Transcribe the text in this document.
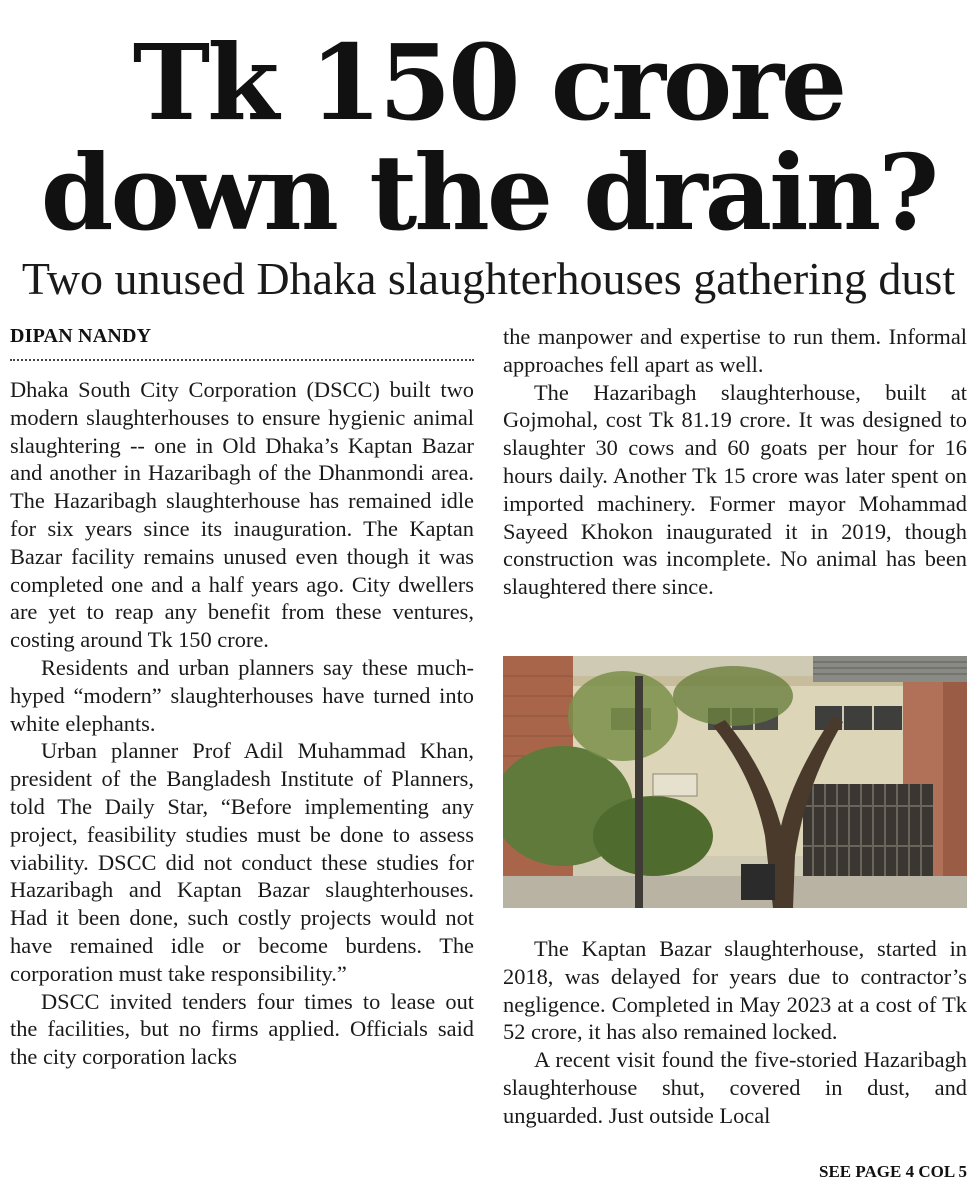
Tk 150 crore
down the drain?
Two unused Dhaka slaughterhouses gathering dust
DIPAN NANDY

Dhaka South City Corporation (DSCC) built two modern slaughterhouses to ensure hygienic animal slaughtering -- one in Old Dhaka’s Kaptan Bazar and another in Hazaribagh of the Dhanmondi area. The Hazaribagh slaughterhouse has remained idle for six years since its inauguration. The Kaptan Bazar facility remains unused even though it was completed one and a half years ago. City dwellers are yet to reap any benefit from these ventures, costing around Tk 150 crore.

Residents and urban planners say these much-hyped “modern” slaughterhouses have turned into white elephants.

Urban planner Prof Adil Muhammad Khan, president of the Bangladesh Institute of Planners, told The Daily Star, “Before implementing any project, feasibility studies must be done to assess viability. DSCC did not conduct these studies for Hazaribagh and Kaptan Bazar slaughterhouses. Had it been done, such costly projects would not have remained idle or become burdens. The corporation must take responsibility.”

DSCC invited tenders four times to lease out the facilities, but no firms applied. Officials said the city corporation lacks

the manpower and expertise to run them. Informal approaches fell apart as well.

The Hazaribagh slaughterhouse, built at Gojmohal, cost Tk 81.19 crore. It was designed to slaughter 30 cows and 60 goats per hour for 16 hours daily. Another Tk 15 crore was later spent on imported machinery. Former mayor Mohammad Sayeed Khokon inaugurated it in 2019, though construction was incomplete. No animal has been slaughtered there since.

The Kaptan Bazar slaughterhouse, started in 2018, was delayed for years due to contractor’s negligence. Completed in May 2023 at a cost of Tk 52 crore, it has also remained locked.

A recent visit found the five-storied Hazaribagh slaughterhouse shut, covered in dust, and unguarded. Just outside Local

SEE PAGE 4 COL 5
